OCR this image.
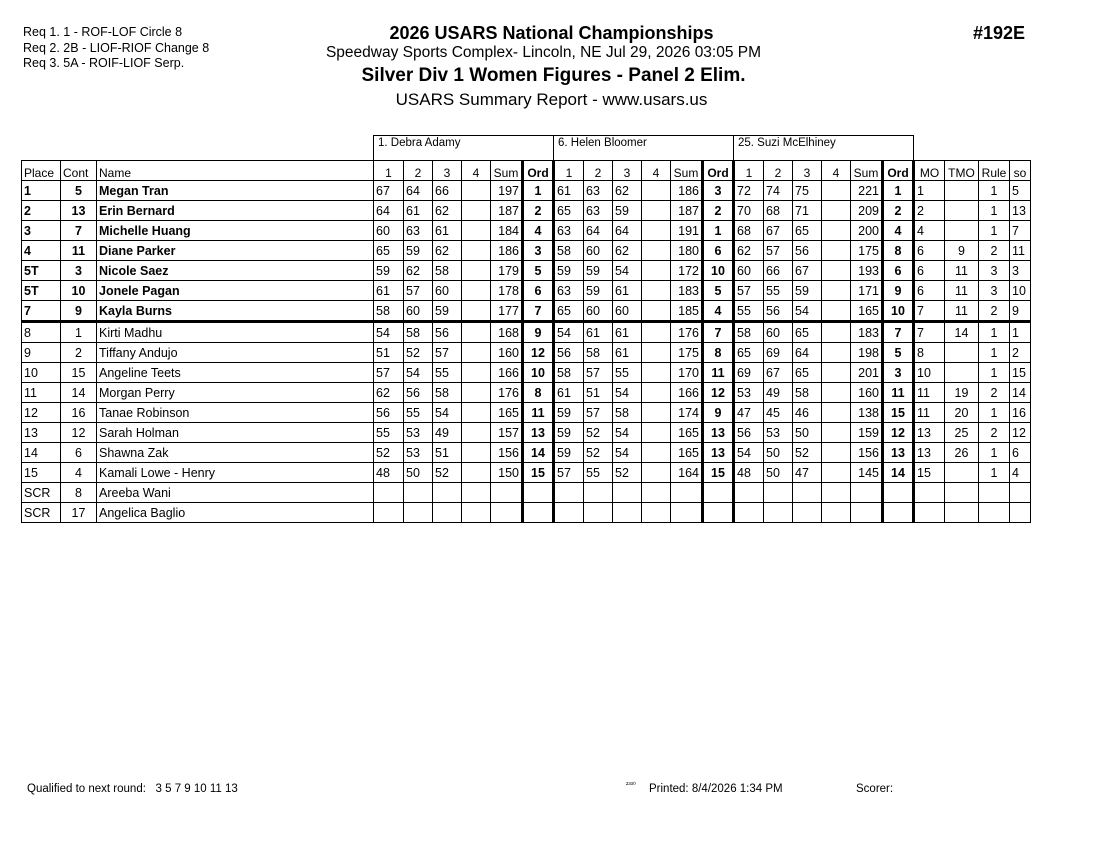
Req 1. 1 - ROF-LOF Circle 8
Req 2. 2B - LIOF-RIOF Change 8
Req 3. 5A - ROIF-LIOF Serp.
2026 USARS National Championships
Speedway Sports Complex- Lincoln, NE Jul 29, 2026 03:05 PM
Silver Div 1 Women Figures - Panel 2 Elim.
USARS Summary Report - www.usars.us
#192E
			1. Debra Adamy						6. Helen Bloomer						25. Suzi McElhiney									
Place	Cont	Name	1	2	3	4	Sum	Ord	1	2	3	4	Sum	Ord	1	2	3	4	Sum	Ord	MO	TMO	Rule	so
1	5	Megan Tran	67	64	66		197	1	61	63	62		186	3	72	74	75		221	1	1		1	5
2	13	Erin Bernard	64	61	62		187	2	65	63	59		187	2	70	68	71		209	2	2		1	13
3	7	Michelle Huang	60	63	61		184	4	63	64	64		191	1	68	67	65		200	4	4		1	7
4	11	Diane Parker	65	59	62		186	3	58	60	62		180	6	62	57	56		175	8	6	9	2	11
5T	3	Nicole Saez	59	62	58		179	5	59	59	54		172	10	60	66	67		193	6	6	11	3	3
5T	10	Jonele Pagan	61	57	60		178	6	63	59	61		183	5	57	55	59		171	9	6	11	3	10
7	9	Kayla Burns	58	60	59		177	7	65	60	60		185	4	55	56	54		165	10	7	11	2	9
8	1	Kirti Madhu	54	58	56		168	9	54	61	61		176	7	58	60	65		183	7	7	14	1	1
9	2	Tiffany Andujo	51	52	57		160	12	56	58	61		175	8	65	69	64		198	5	8		1	2
10	15	Angeline Teets	57	54	55		166	10	58	57	55		170	11	69	67	65		201	3	10		1	15
11	14	Morgan Perry	62	56	58		176	8	61	51	54		166	12	53	49	58		160	11	11	19	2	14
12	16	Tanae Robinson	56	55	54		165	11	59	57	58		174	9	47	45	46		138	15	11	20	1	16
13	12	Sarah Holman	55	53	49		157	13	59	52	54		165	13	56	53	50		159	12	13	25	2	12
14	6	Shawna Zak	52	53	51		156	14	59	52	54		165	13	54	50	52		156	13	13	26	1	6
15	4	Kamali Lowe - Henry	48	50	52		150	15	57	55	52		164	15	48	50	47		145	14	15		1	4
SCR	8	Areeba Wani																						
SCR	17	Angelica Baglio																						
Qualified to next round: 3 5 7 9 10 11 13	²³³⁰ Printed: 8/4/2026 1:34 PM	Scorer:
